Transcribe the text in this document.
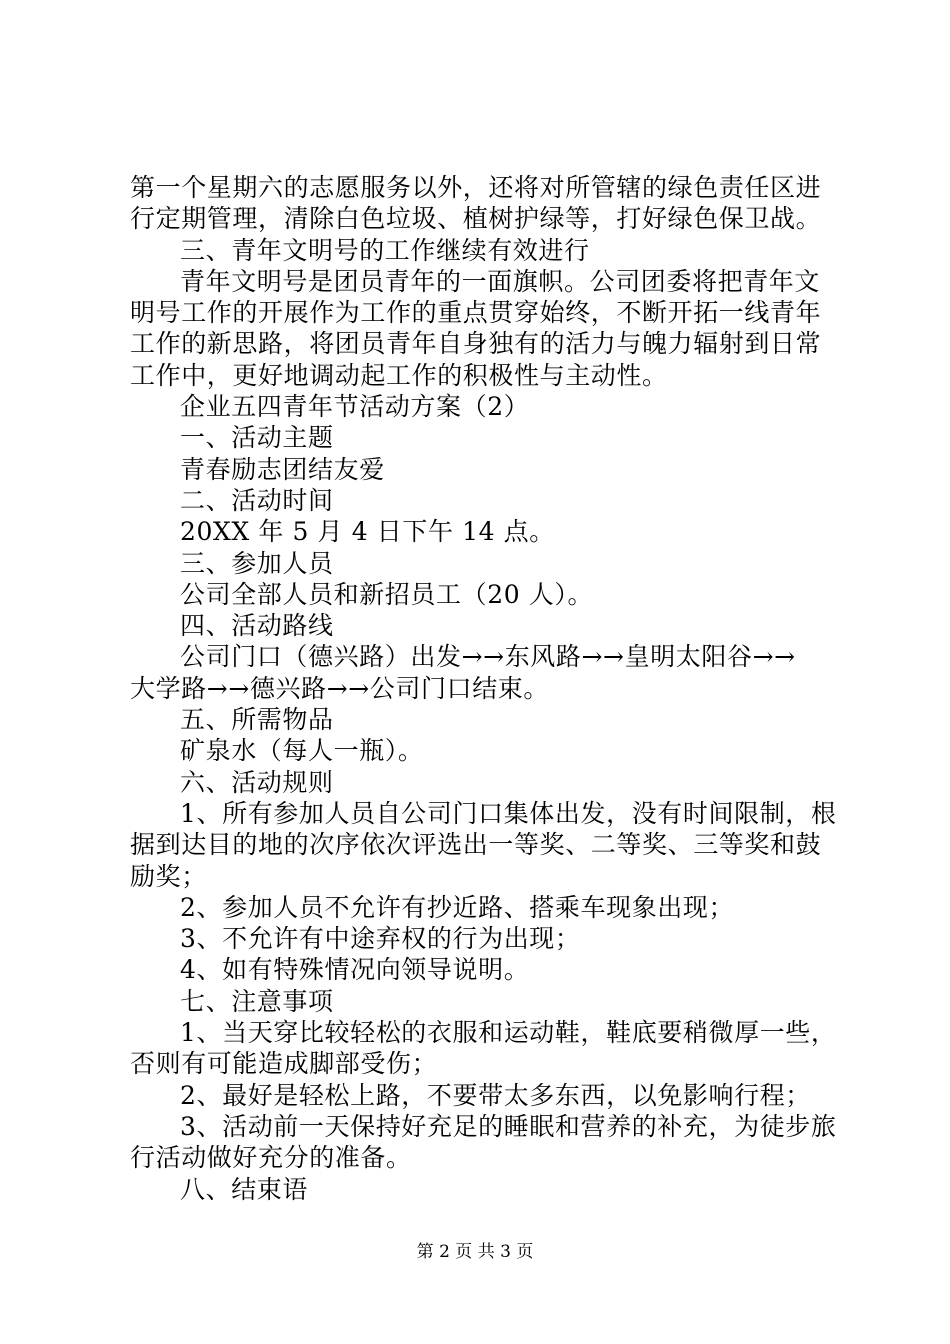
第一个星期六的志愿服务以外，还将对所管辖的绿色责任区进
行定期管理，清除白色垃圾、植树护绿等，打好绿色保卫战。
三、青年文明号的工作继续有效进行
青年文明号是团员青年的一面旗帜。公司团委将把青年文
明号工作的开展作为工作的重点贯穿始终，不断开拓一线青年
工作的新思路，将团员青年自身独有的活力与魄力辐射到日常
工作中，更好地调动起工作的积极性与主动性。
企业五四青年节活动方案（2）
一、活动主题
青春励志团结友爱
二、活动时间
20XX 年 5 月 4 日下午 14 点。
三、参加人员
公司全部人员和新招员工（20 人）。
四、活动路线
公司门口（德兴路）出发→→东风路→→皇明太阳谷→→
大学路→→德兴路→→公司门口结束。
五、所需物品
矿泉水（每人一瓶）。
六、活动规则
1、所有参加人员自公司门口集体出发，没有时间限制，根
据到达目的地的次序依次评选出一等奖、二等奖、三等奖和鼓
励奖；
2、参加人员不允许有抄近路、搭乘车现象出现；
3、不允许有中途弃权的行为出现；
4、如有特殊情况向领导说明。
七、注意事项
1、当天穿比较轻松的衣服和运动鞋，鞋底要稍微厚一些，
否则有可能造成脚部受伤；
2、最好是轻松上路，不要带太多东西，以免影响行程；
3、活动前一天保持好充足的睡眠和营养的补充，为徒步旅
行活动做好充分的准备。
八、结束语
第 2 页 共 3 页
